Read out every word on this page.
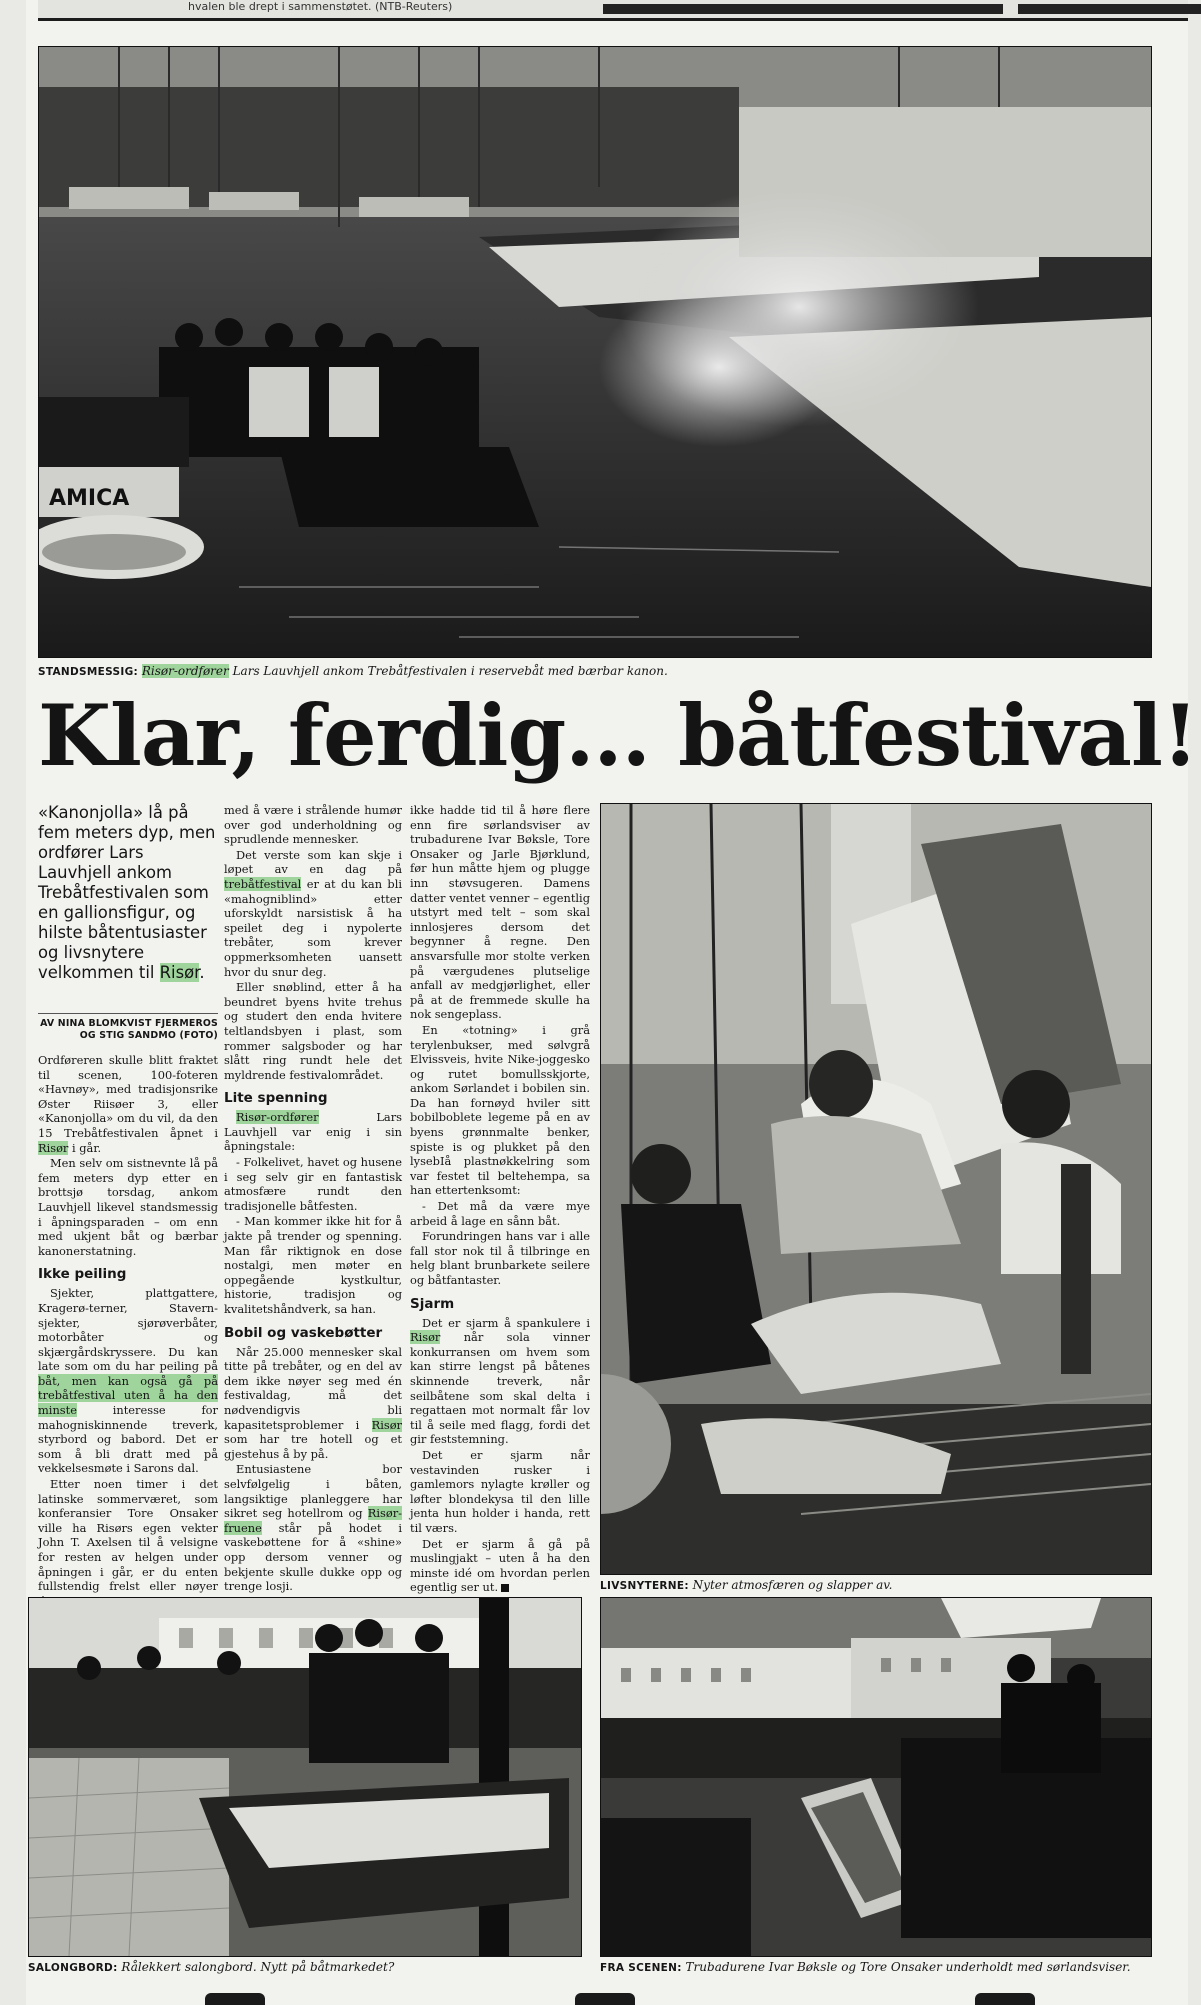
hvalen ble drept i sammenstøtet. (NTB-Reuters)
AMICA
STANDSMESSIG: Risør-ordfører Lars Lauvhjell ankom Trebåtfestivalen i reservebåt med bærbar kanon.
Klar, ferdig... båtfestival!
«Kanonjolla» lå på fem meters dyp, men ordfører Lars Lauvhjell ankom Trebåtfestivalen som en gallionsfigur, og hilste båtentusiaster og livsnytere velkommen til Risør.
AV NINA BLOMKVIST FJERMEROS
OG STIG SANDMO (FOTO)

Ordføreren skulle blitt fraktet til scenen, 100-foteren «Havnøy», med tradisjonsrike Øster Riisøer 3, eller «Kanonjolla» om du vil, da den 15 Trebåtfestivalen åpnet i Risør i går.

Men selv om sistnevnte lå på fem meters dyp etter en brottsjø torsdag, ankom Lauvhjell likevel standsmessig i åpningsparaden – om enn med ukjent båt og bærbar kanonerstatning.

Ikke peiling

Sjekter, plattgattere, Kragerø-terner, Stavern-sjekter, sjørøverbåter, motorbåter og skjærgårdskryssere. Du kan late som om du har peiling på båt, men kan også gå på trebåtfestival uten å ha den minste interesse for mahogniskinnende treverk, styrbord og babord. Det er som å bli dratt med på vekkelsesmøte i Sarons dal.

Etter noen timer i det latinske sommerværet, som konferansier Tore Onsaker ville ha Risørs egen vekter John T. Axelsen til å velsigne for resten av helgen under åpningen i går, er du enten fullstendig frelst eller nøyer

med å være i strålende humør over god underholdning og sprudlende mennesker.

Det verste som kan skje i løpet av en dag på trebåtfestival er at du kan bli «mahogniblind» etter uforskyldt narsistisk å ha speilet deg i nypolerte trebåter, som krever oppmerksomheten uansett hvor du snur deg.

Eller snøblind, etter å ha beundret byens hvite trehus og studert den enda hvitere teltlandsbyen i plast, som rommer salgsboder og har slått ring rundt hele det myldrende festivalområdet.

Lite spenning

Risør-ordfører Lars Lauvhjell var enig i sin åpningstale:

- Folkelivet, havet og husene i seg selv gir en fantastisk atmosfære rundt den tradisjonelle båtfesten.

- Man kommer ikke hit for å jakte på trender og spenning. Man får riktignok en dose nostalgi, men møter en oppegående kystkultur, historie, tradisjon og kvalitetshåndverk, sa han.

Bobil og vaskebøtter

Når 25.000 mennesker skal titte på trebåter, og en del av dem ikke nøyer seg med én festivaldag, må det nødvendigvis bli kapasitetsproblemer i Risør som har tre hotell og et gjestehus å by på.

Entusiastene bor selvfølgelig i båten, langsiktige planleggere har sikret seg hotellrom og Risør-fruene står på hodet i vaskebøttene for å «shine» opp dersom venner og bekjente skulle dukke opp og trenge losji.

ikke hadde tid til å høre flere enn fire sørlandsviser av trubadurene Ivar Bøksle, Tore Onsaker og Jarle Bjørklund, før hun måtte hjem og plugge inn støvsugeren. Damens datter ventet venner – egentlig utstyrt med telt – som skal innlosjeres dersom det begynner å regne. Den ansvarsfulle mor stolte verken på værgudenes plutselige anfall av medgjørlighet, eller på at de fremmede skulle ha nok sengeplass.

En «totning» i grå terylenbukser, med sølvgrå Elvissveis, hvite Nike-joggesko og rutet bomullsskjorte, ankom Sørlandet i bobilen sin. Da han fornøyd hviler sitt bobilboblete legeme på en av byens grønnmalte benker, spiste is og plukket på den lysebIå plastnøkkelring som var festet til beltehempa, sa han ettertenksomt:

- Det må da være mye arbeid å lage en sånn båt.

Forundringen hans var i alle fall stor nok til å tilbringe en helg blant brunbarkete seilere og båtfantaster.

Sjarm

Det er sjarm å spankulere i Risør når sola vinner konkurransen om hvem som kan stirre lengst på båtenes skinnende treverk, når seilbåtene som skal delta i regattaen mot normalt får lov til å seile med flagg, fordi det gir feststemning.

Det er sjarm når vestavinden rusker i gamlemors nylagte krøller og løfter blondekysa til den lille jenta hun holder i handa, rett til værs.

Det er sjarm å gå på muslingjakt – uten å ha den minste idé om hvordan perlen egentlig ser ut.	LIVSNYTERNE: Nyter atmosfæren og slapper av.
SALONGBORD: Rålekkert salongbord. Nytt på båtmarkedet?	FRA SCENEN: Trubadurene Ivar Bøksle og Tore Onsaker underholdt med sørlandsviser.
